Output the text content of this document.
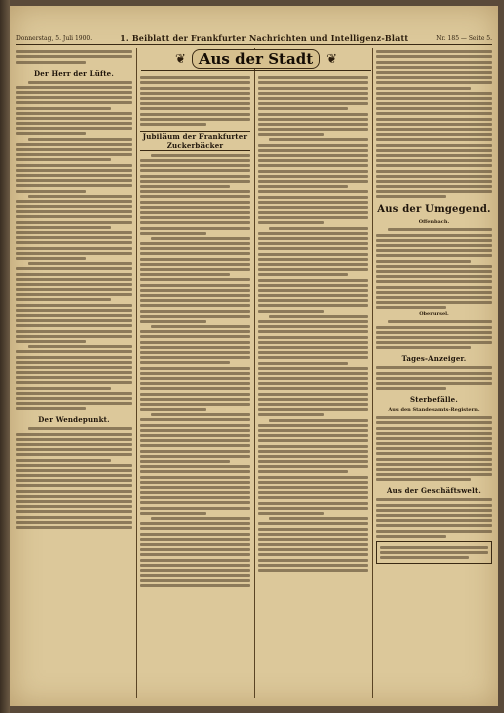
Donnerstag, 5. Juli 1900.	1. Beiblatt der Frankfurter Nachrichten und Intelligenz-Blatt	Nr. 185 — Seite 5.
Der Herr der Lüfte.
Der Wendepunkt.
❦ Aus der Stadt	❦
Jubiläum der Frankfurter Zuckerbäcker
Aus der Umgegend.
Offenbach.
Oberursel.
Tages-Anzeiger.
Sterbefälle.
Aus den Standesamts-Registern.
Aus der Geschäftswelt.
